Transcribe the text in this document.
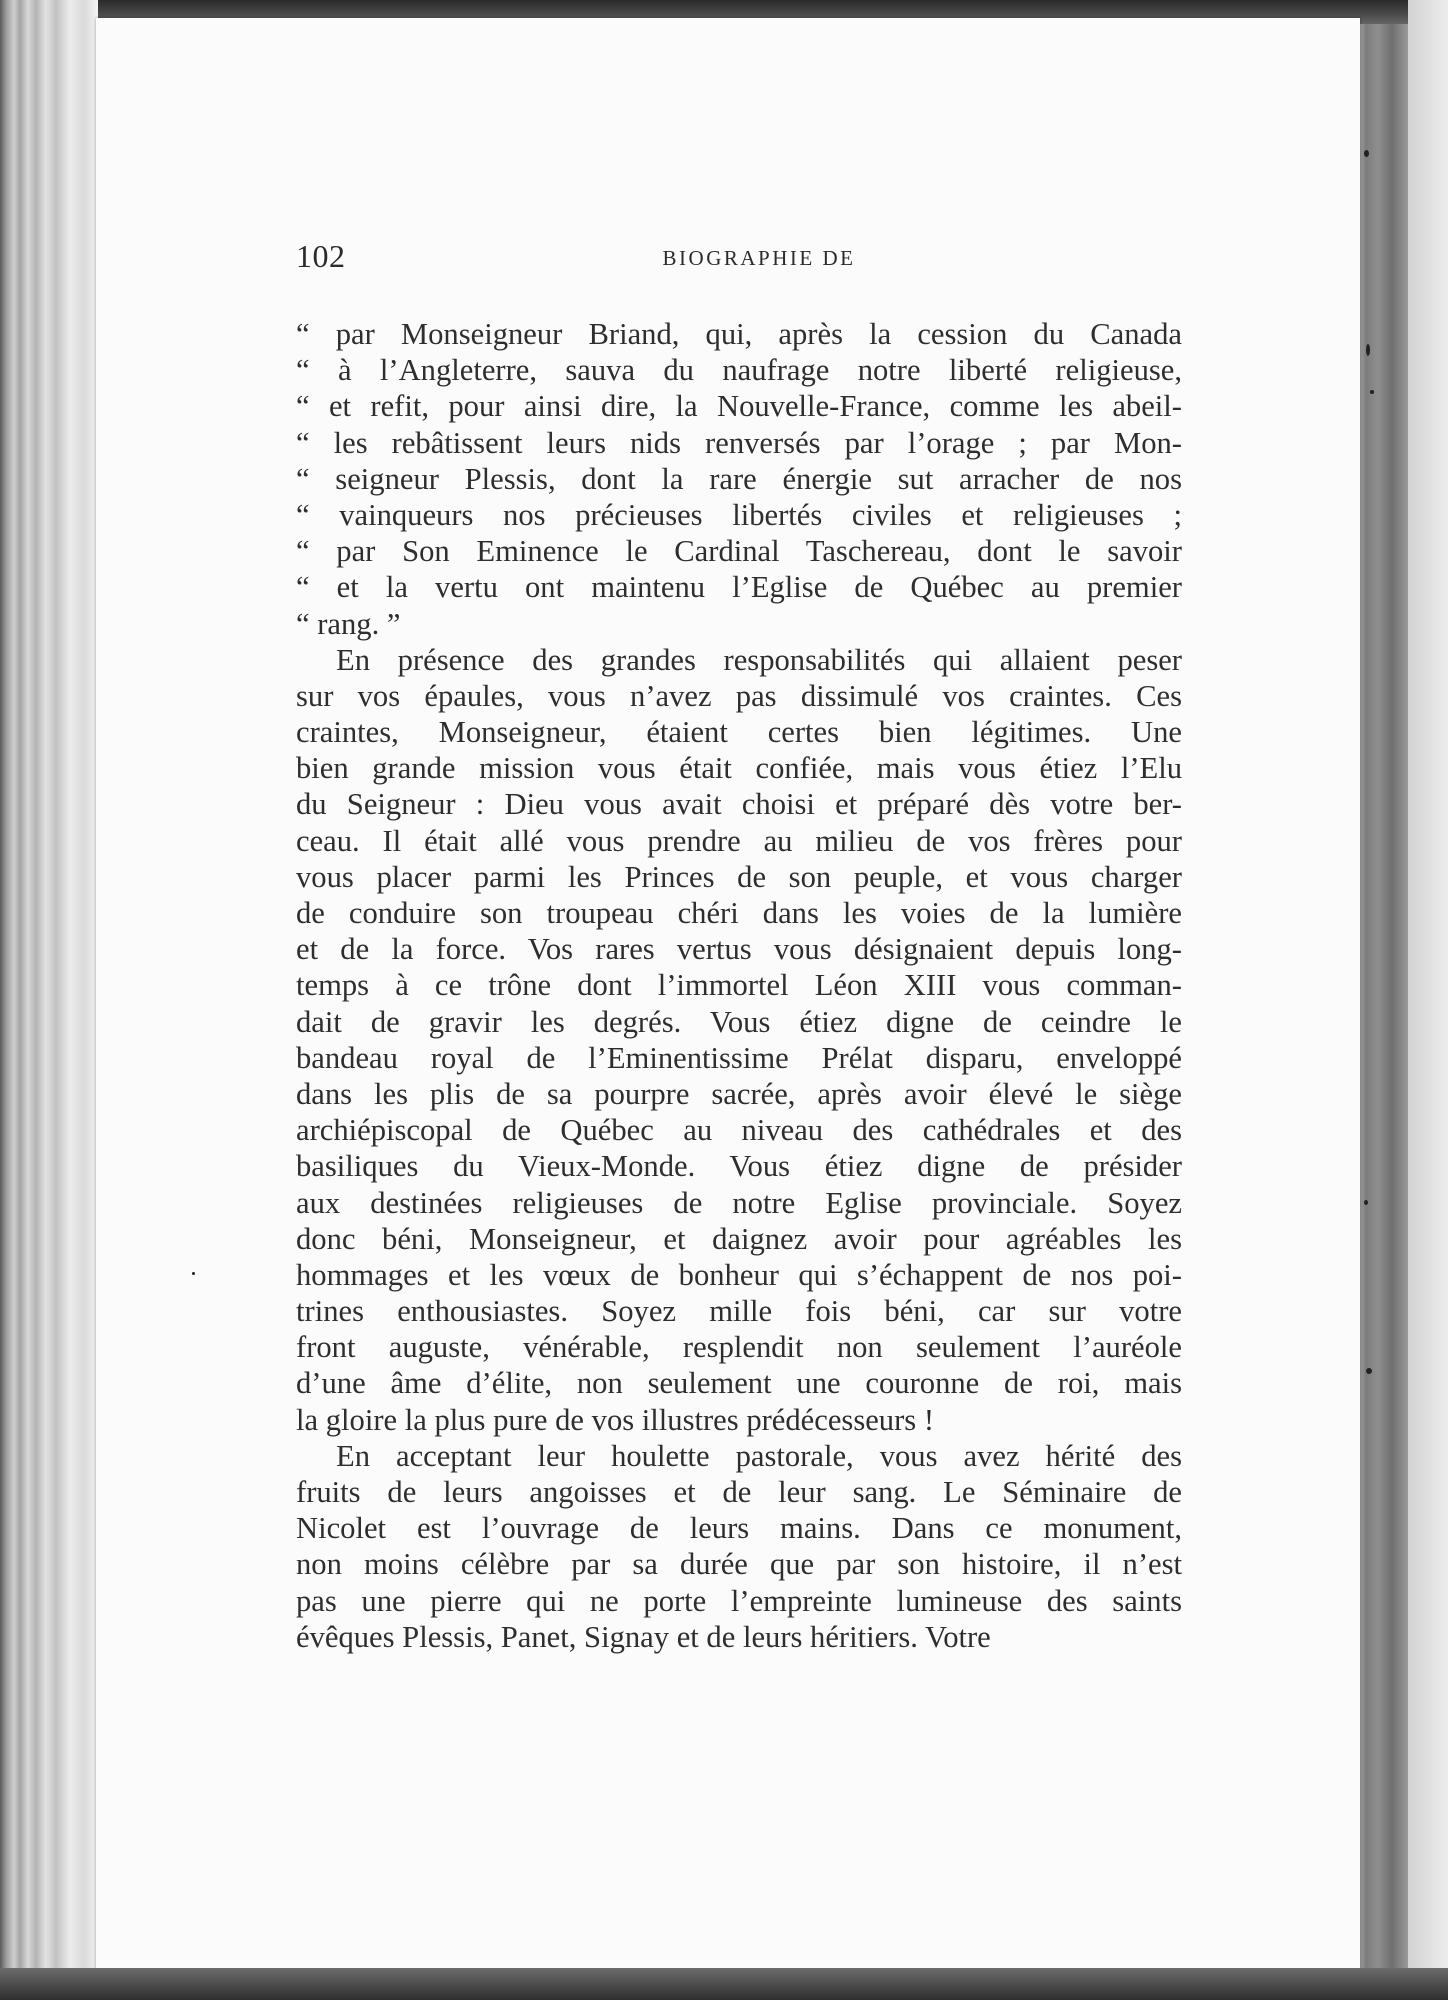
102	BIOGRAPHIE DE
“ par Monseigneur Briand, qui, après la cession du Canada
“ à l’Angleterre, sauva du naufrage notre liberté religieuse,
“ et refit, pour ainsi dire, la Nouvelle-France, comme les abeil-
“ les rebâtissent leurs nids renversés par l’orage ; par Mon-
“ seigneur Plessis, dont la rare énergie sut arracher de nos
“ vainqueurs nos précieuses libertés civiles et religieuses ;
“ par Son Eminence le Cardinal Taschereau, dont le savoir
“ et la vertu ont maintenu l’Eglise de Québec au premier
“ rang. ”
En présence des grandes responsabilités qui allaient peser
sur vos épaules, vous n’avez pas dissimulé vos craintes. Ces
craintes, Monseigneur, étaient certes bien légitimes. Une
bien grande mission vous était confiée, mais vous étiez l’Elu
du Seigneur : Dieu vous avait choisi et préparé dès votre ber-
ceau. Il était allé vous prendre au milieu de vos frères pour
vous placer parmi les Princes de son peuple, et vous charger
de conduire son troupeau chéri dans les voies de la lumière
et de la force. Vos rares vertus vous désignaient depuis long-
temps à ce trône dont l’immortel Léon XIII vous comman-
dait de gravir les degrés. Vous étiez digne de ceindre le
bandeau royal de l’Eminentissime Prélat disparu, enveloppé
dans les plis de sa pourpre sacrée, après avoir élevé le siège
archiépiscopal de Québec au niveau des cathédrales et des
basiliques du Vieux-Monde. Vous étiez digne de présider
aux destinées religieuses de notre Eglise provinciale. Soyez
donc béni, Monseigneur, et daignez avoir pour agréables les
hommages et les vœux de bonheur qui s’échappent de nos poi-
trines enthousiastes. Soyez mille fois béni, car sur votre
front auguste, vénérable, resplendit non seulement l’auréole
d’une âme d’élite, non seulement une couronne de roi, mais
la gloire la plus pure de vos illustres prédécesseurs !
En acceptant leur houlette pastorale, vous avez hérité des
fruits de leurs angoisses et de leur sang. Le Séminaire de
Nicolet est l’ouvrage de leurs mains. Dans ce monument,
non moins célèbre par sa durée que par son histoire, il n’est
pas une pierre qui ne porte l’empreinte lumineuse des saints
évêques Plessis, Panet, Signay et de leurs héritiers. Votre
